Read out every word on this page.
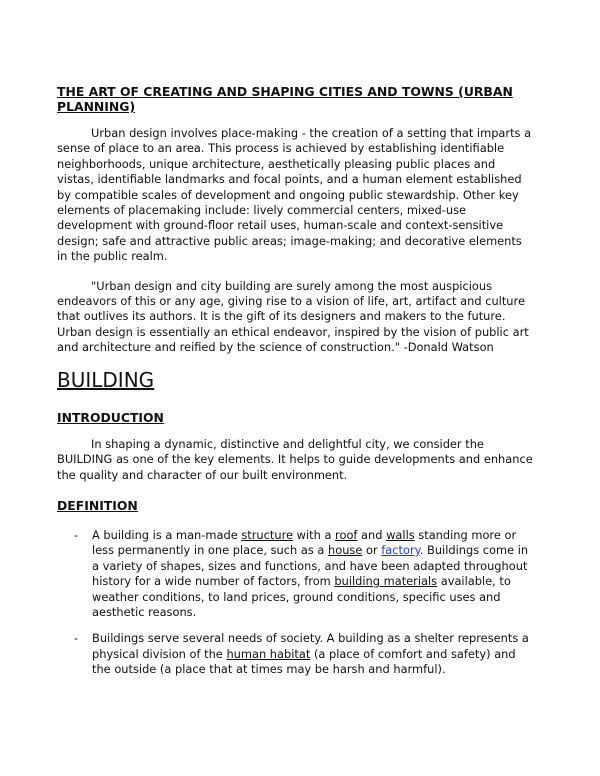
THE ART OF CREATING AND SHAPING CITIES AND TOWNS (URBAN PLANNING)

Urban design involves place-making - the creation of a setting that imparts a sense of place to an area. This process is achieved by establishing identifiable neighborhoods, unique architecture, aesthetically pleasing public places and vistas, identifiable landmarks and focal points, and a human element established by compatible scales of development and ongoing public stewardship. Other key elements of placemaking include: lively commercial centers, mixed-use development with ground-floor retail uses, human-scale and context-sensitive design; safe and attractive public areas; image-making; and decorative elements in the public realm.

"Urban design and city building are surely among the most auspicious endeavors of this or any age, giving rise to a vision of life, art, artifact and culture that outlives its authors. It is the gift of its designers and makers to the future. Urban design is essentially an ethical endeavor, inspired by the vision of public art and architecture and reified by the science of construction." -Donald Watson

BUILDING
INTRODUCTION

In shaping a dynamic, distinctive and delightful city, we consider the BUILDING as one of the key elements. It helps to guide developments and enhance the quality and character of our built environment.

DEFINITION
- A building is a man-made structure with a roof and walls standing more or less permanently in one place, such as a house or factory. Buildings come in a variety of shapes, sizes and functions, and have been adapted throughout history for a wide number of factors, from building materials available, to weather conditions, to land prices, ground conditions, specific uses and aesthetic reasons.
- Buildings serve several needs of society. A building as a shelter represents a physical division of the human habitat (a place of comfort and safety) and the outside (a place that at times may be harsh and harmful).
